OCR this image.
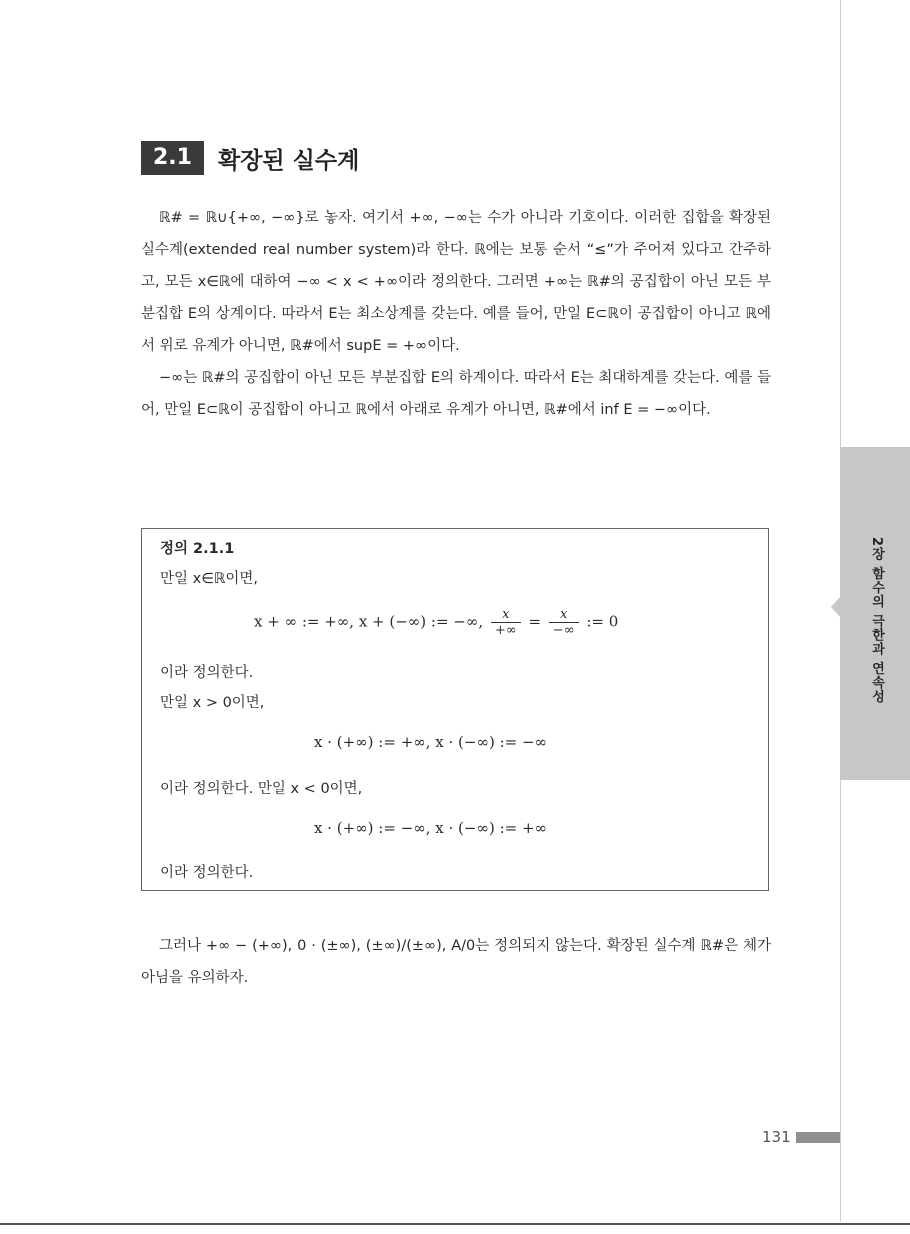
2.1	확장된 실수계

ℝ# = ℝ∪{+∞, −∞}로 놓자. 여기서 +∞, −∞는 수가 아니라 기호이다. 이러한 집합을 확장된 실수계(extended real number system)라 한다. ℝ에는 보통 순서 “≤”가 주어져 있다고 간주하고, 모든 x∈ℝ에 대하여 −∞ < x < +∞이라 정의한다. 그러면 +∞는 ℝ#의 공집합이 아닌 모든 부분집합 E의 상계이다. 따라서 E는 최소상계를 갖는다. 예를 들어, 만일 E⊂ℝ이 공집합이 아니고 ℝ에서 위로 유계가 아니면, ℝ#에서 supE = +∞이다.

−∞는 ℝ#의 공집합이 아닌 모든 부분집합 E의 하계이다. 따라서 E는 최대하계를 갖는다. 예를 들어, 만일 E⊂ℝ이 공집합이 아니고 ℝ에서 아래로 유계가 아니면, ℝ#에서 inf E = −∞이다.

정의 2.1.1
만일 x∈ℝ이면,
x + ∞ := +∞, x + (−∞) := −∞, $\frac{x}{+\infty} = \frac{x}{-\infty}$ := 0
이라 정의한다.
만일 x > 0이면,
x · (+∞) := +∞, x · (−∞) := −∞
이라 정의한다. 만일 x < 0이면,
x · (+∞) := −∞, x · (−∞) := +∞
이라 정의한다.

그러나 +∞ − (+∞), 0 · (±∞), (±∞)/(±∞), A/0는 정의되지 않는다. 확장된 실수계 ℝ#은 체가 아님을 유의하자.

2장 함수의 극한과 연속성
131
